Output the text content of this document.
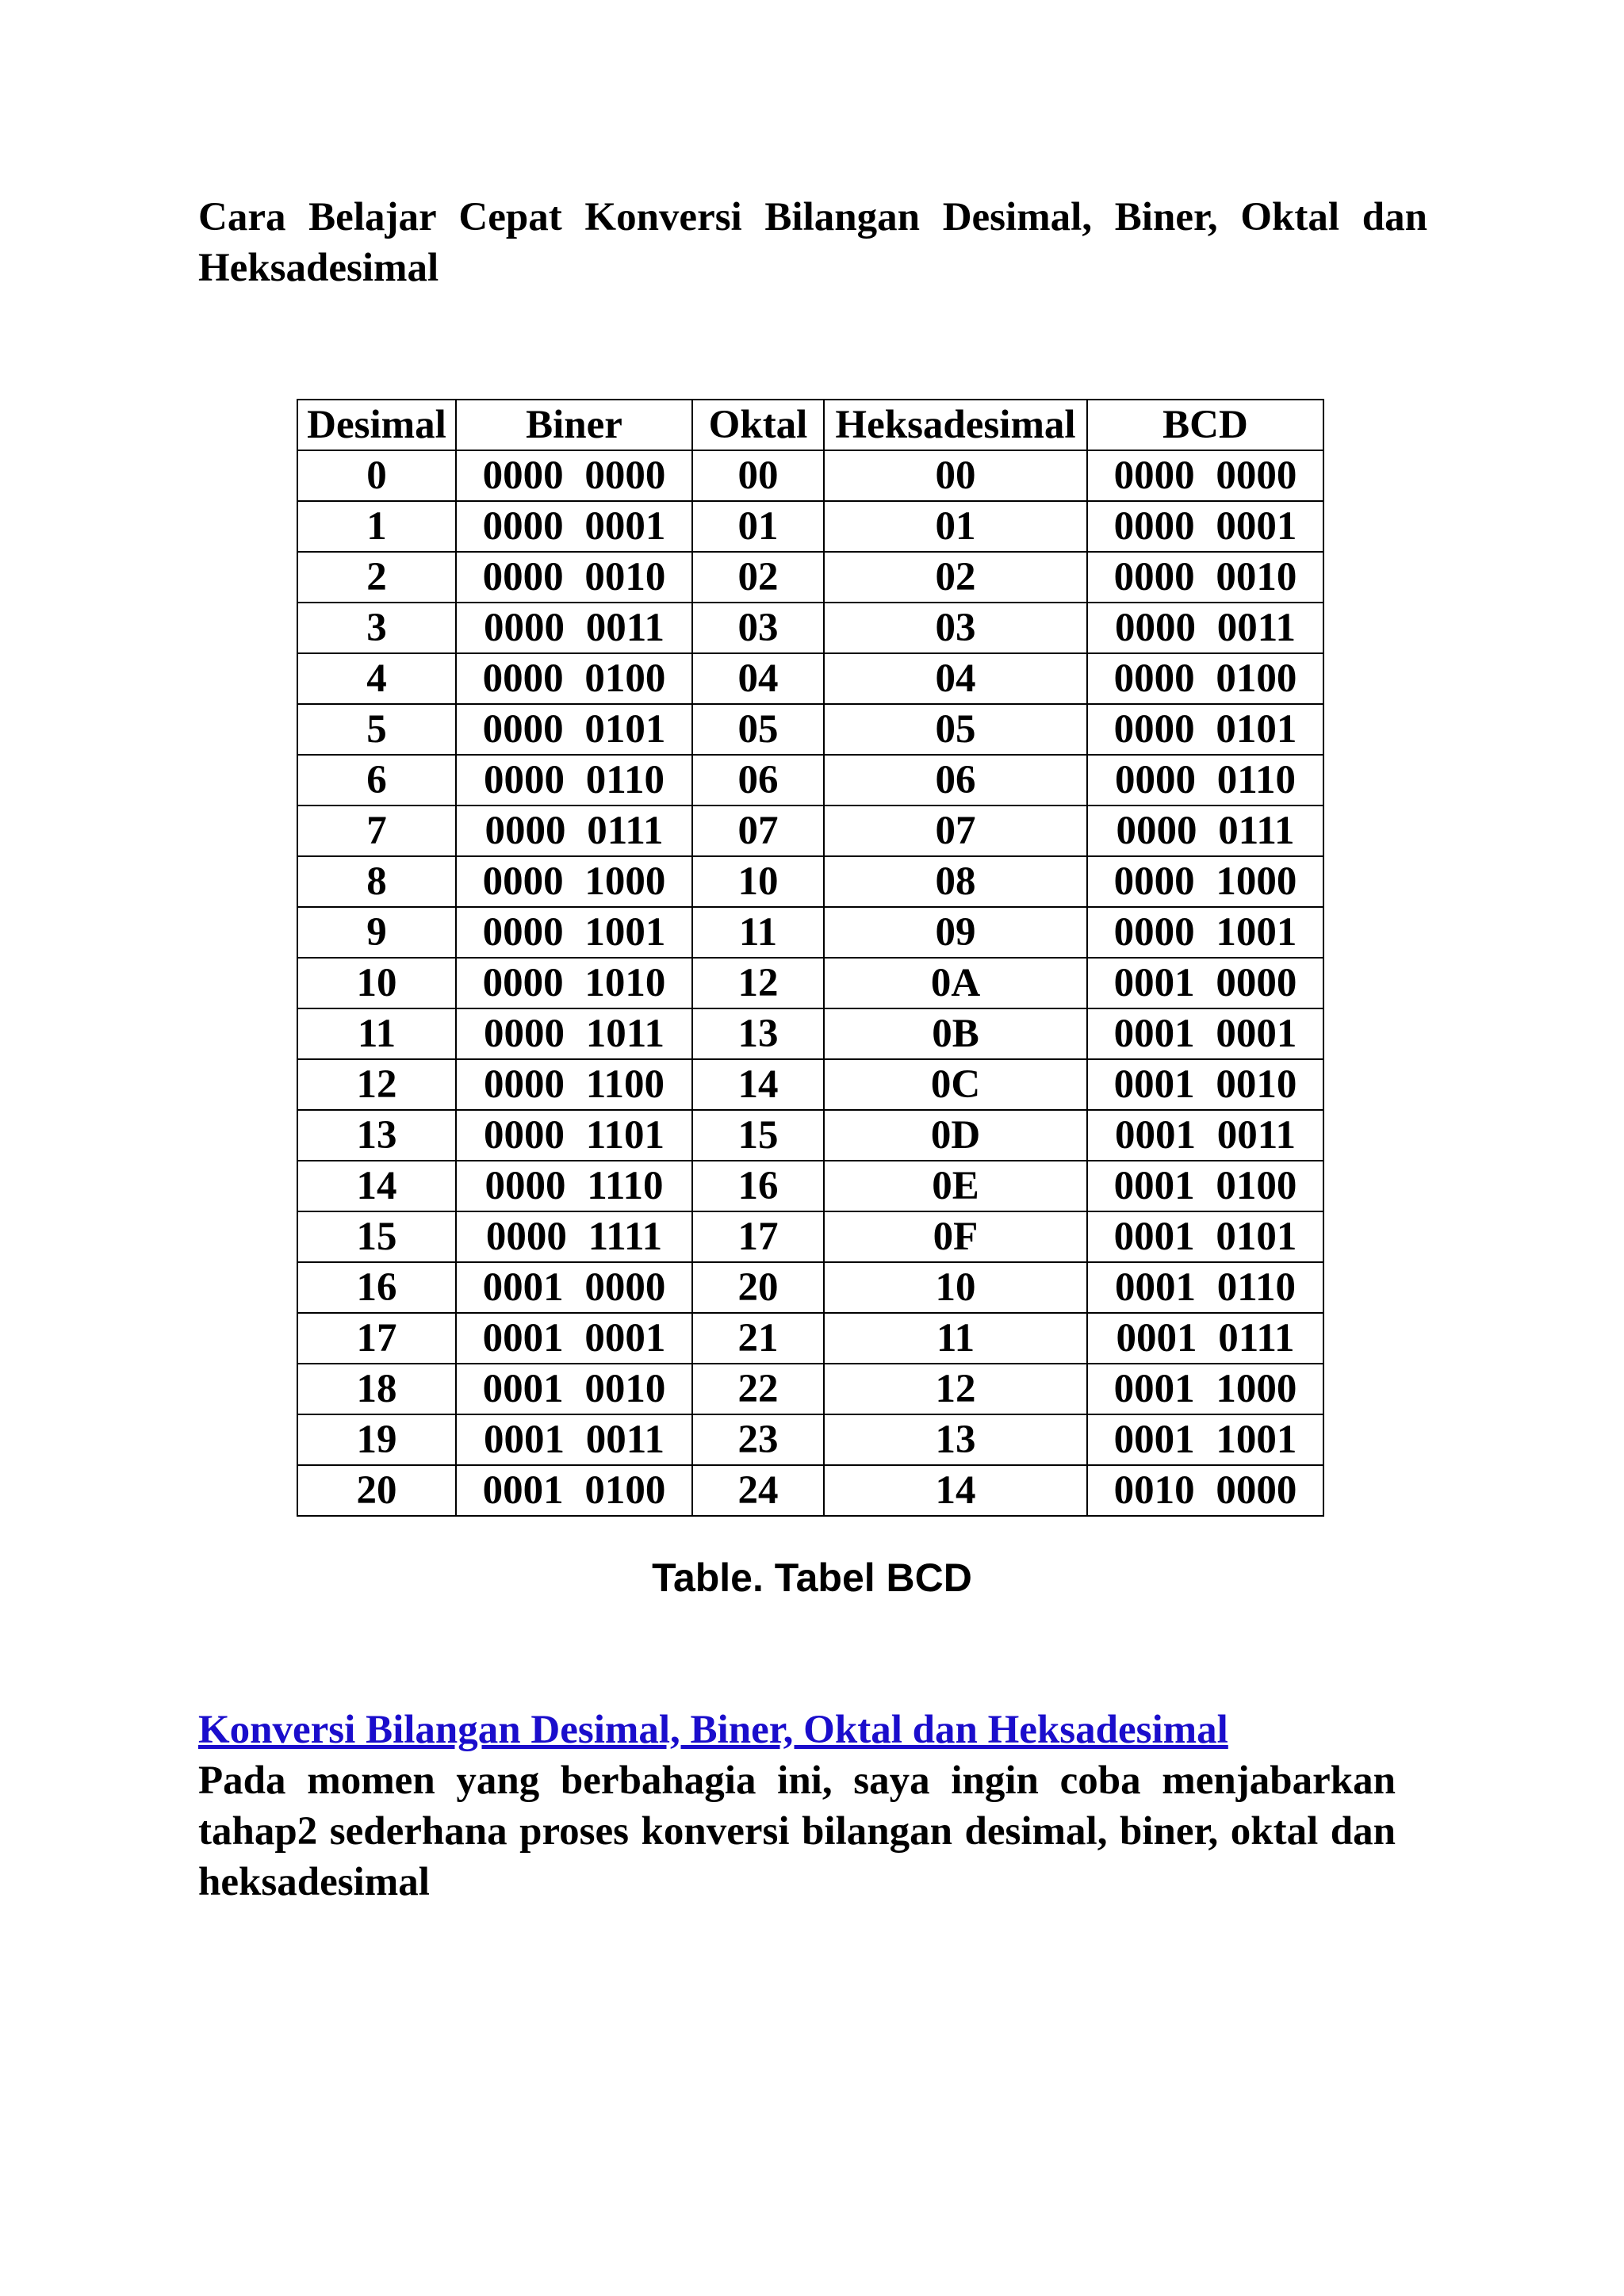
Cara Belajar Cepat Konversi Bilangan Desimal, Biner, Oktal dan Heksadesimal
Desimal	Biner	Oktal	Heksadesimal	BCD
0	0000 0000	00	00	0000 0000
1	0000 0001	01	01	0000 0001
2	0000 0010	02	02	0000 0010
3	0000 0011	03	03	0000 0011
4	0000 0100	04	04	0000 0100
5	0000 0101	05	05	0000 0101
6	0000 0110	06	06	0000 0110
7	0000 0111	07	07	0000 0111
8	0000 1000	10	08	0000 1000
9	0000 1001	11	09	0000 1001
10	0000 1010	12	0A	0001 0000
11	0000 1011	13	0B	0001 0001
12	0000 1100	14	0C	0001 0010
13	0000 1101	15	0D	0001 0011
14	0000 1110	16	0E	0001 0100
15	0000 1111	17	0F	0001 0101
16	0001 0000	20	10	0001 0110
17	0001 0001	21	11	0001 0111
18	0001 0010	22	12	0001 1000
19	0001 0011	23	13	0001 1001
20	0001 0100	24	14	0010 0000
Table. Tabel BCD
Konversi Bilangan Desimal, Biner, Oktal dan Heksadesimal

Pada momen yang berbahagia ini, saya ingin coba menjabarkan tahap2 sederhana proses konversi bilangan desimal, biner, oktal dan heksadesimal
